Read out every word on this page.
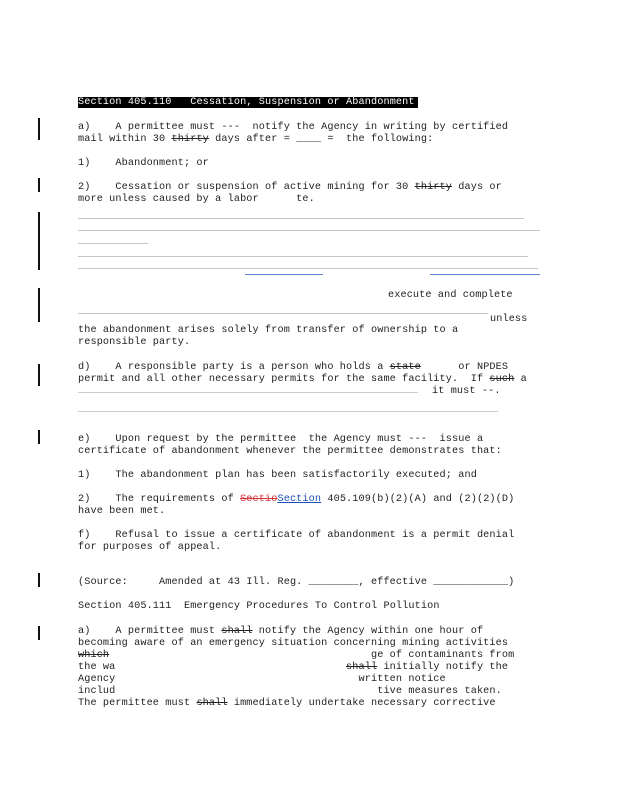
Section 405.110 Cessation, Suspension or Abandonment
a)    A permittee must ---  notify the Agency in writing by certified
mail within 30 thirty days after = ____ =  the following:
1)    Abandonment; or
2)    Cessation or suspension of active mining for 30 thirty days or
more unless caused by a labor      te.
execute and complete
unless
the abandonment arises solely from transfer of ownership to a
responsible party.
d)    A responsible party is a person who holds a state      or NPDES
permit and all other necessary permits for the same facility.  If such a
it must --.
e)    Upon request by the permittee  the Agency must ---  issue a
certificate of abandonment whenever the permittee demonstrates that:
1)    The abandonment plan has been satisfactorily executed; and
2)    The requirements of SectioSection 405.109(b)(2)(A) and (2)(2)(D)
have been met.
f)    Refusal to issue a certificate of abandonment is a permit denial
for purposes of appeal.
(Source:	Amended at 43 Ill. Reg. ________, effective ____________)
Section 405.111 Emergency Procedures To Control Pollution
a)    A permittee must shall notify the Agency within one hour of
becoming aware of an emergency situation concerning mining activities
which                                          ge of contaminants from
the wa                                     shall initially notify the
Agency                                       written notice
includ                                          tive measures taken.
The permittee must shall immediately undertake necessary corrective
